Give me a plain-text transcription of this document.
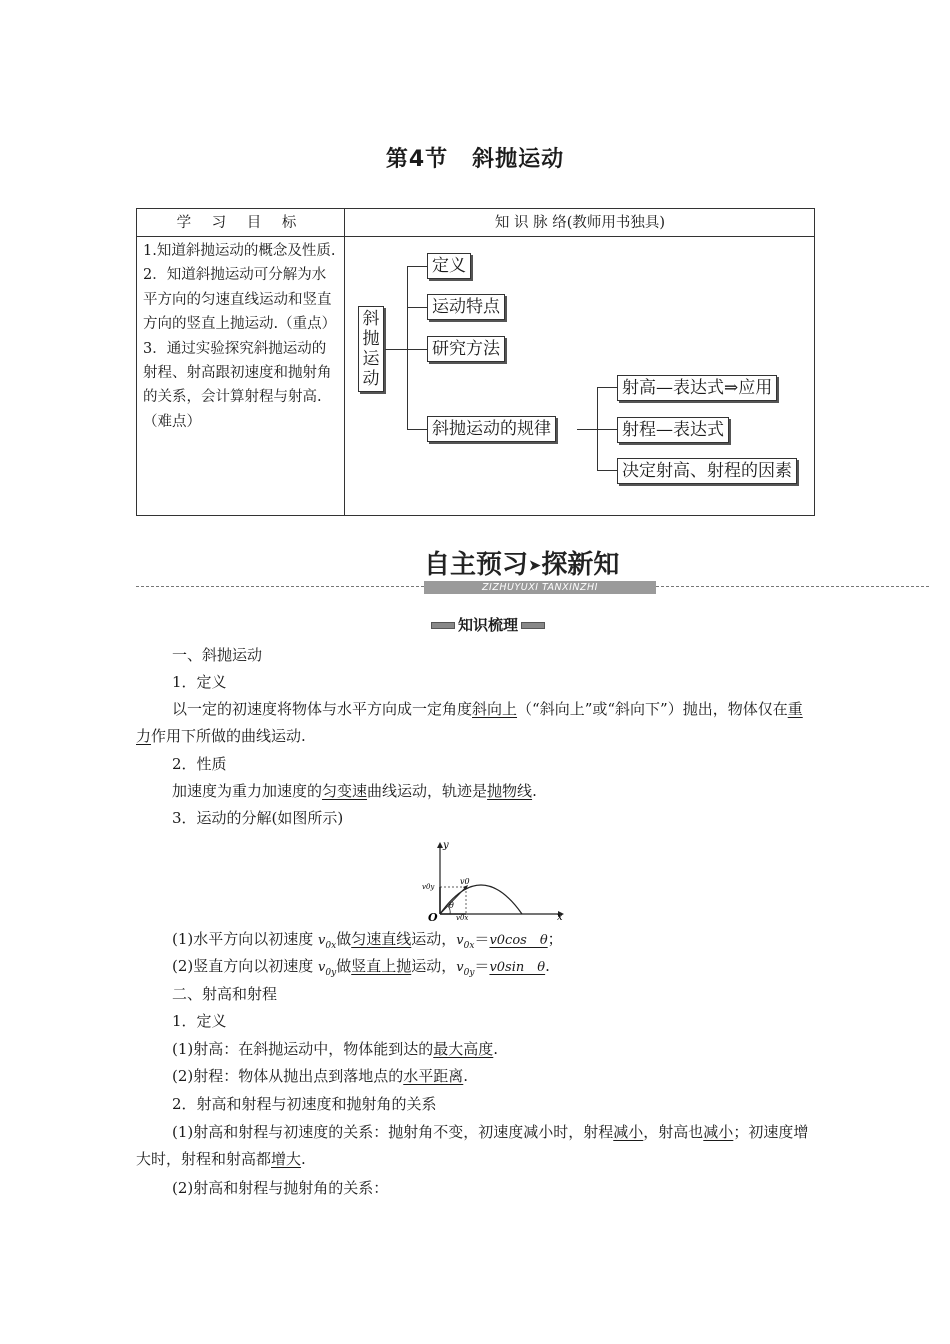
第4节 斜抛运动
学 习 目 标	知 识 脉 络(教师用书独具)
1.知道斜抛运动的概念及性质.
2．知道斜抛运动可分解为水平方向的匀速直线运动和竖直方向的竖直上抛运动.（重点）
3．通过实验探究斜抛运动的射程、射高跟初速度和抛射角的关系，会计算射程与射高.（难点）
斜抛运动
定义
运动特点
研究方法
斜抛运动的规律
射高—表达式⇒应用
射程—表达式
决定射高、射程的因素
自主预习➤探新知
ZIZHUYUXI TANXINZHI
知识梳理
一、斜抛运动
1．定义
以一定的初速度将物体与水平方向成一定角度斜向上（“斜向上”或“斜向下”）抛出，物体仅在重力作用下所做的曲线运动.
2．性质
加速度为重力加速度的匀变速曲线运动，轨迹是抛物线.
3．运动的分解(如图所示)
y
x
O
v0
v0y
v0x
θ
(1)水平方向以初速度 $v_{0x}$做匀速直线运动，$v_{0x}=v0\cos$　θ；
(2)竖直方向以初速度 $v_{0y}$做竖直上抛运动，$v_{0y}=v0\sin$　θ.
二、射高和射程
1．定义
(1)射高：在斜抛运动中，物体能到达的最大高度.
(2)射程：物体从抛出点到落地点的水平距离.
2．射高和射程与初速度和抛射角的关系
(1)射高和射程与初速度的关系：抛射角不变，初速度减小时，射程减小，射高也减小；初速度增大时，射程和射高都增大.
(2)射高和射程与抛射角的关系：
